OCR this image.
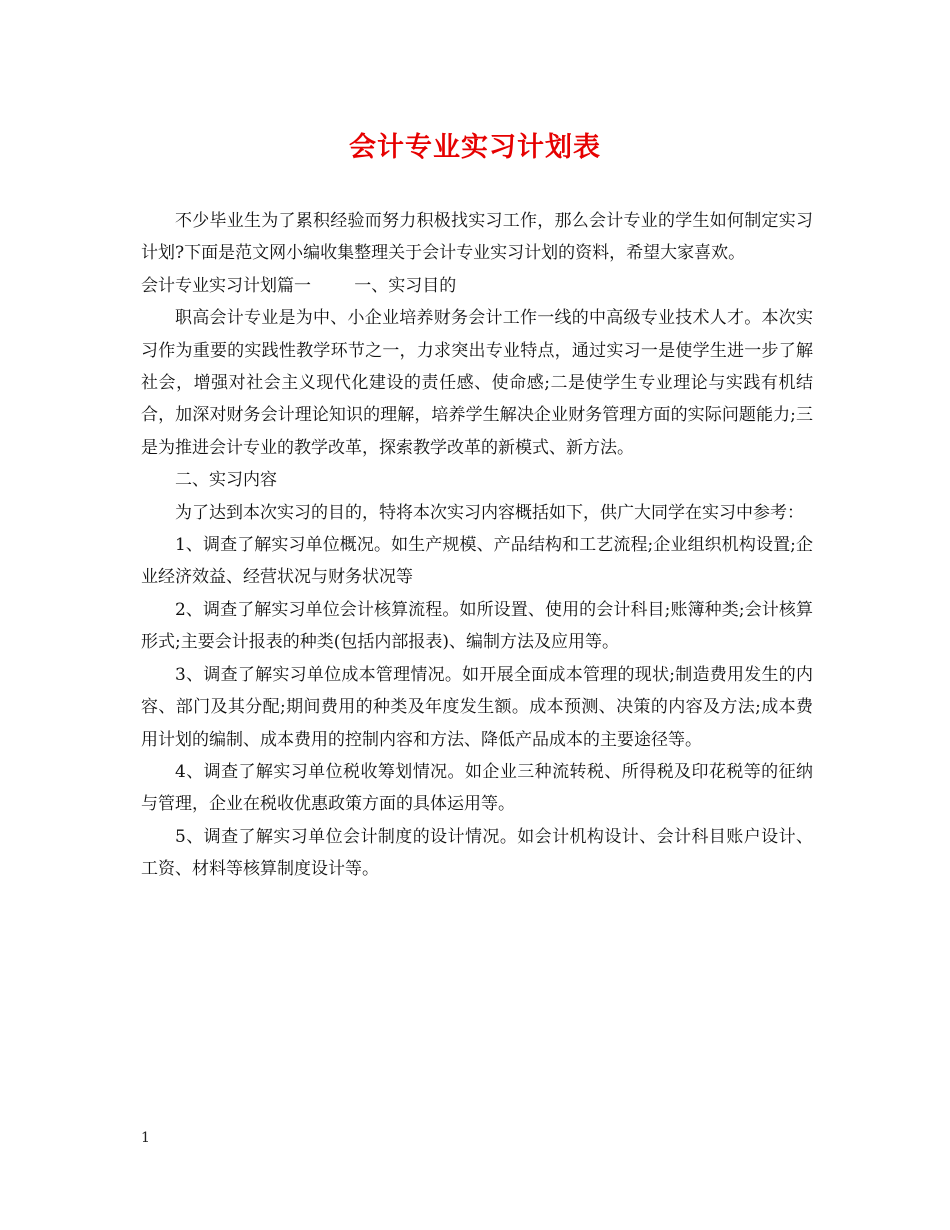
会计专业实习计划表

不少毕业生为了累积经验而努力积极找实习工作，那么会计专业的学生如何制定实习计划?下面是范文网小编收集整理关于会计专业实习计划的资料，希望大家喜欢。

会计专业实习计划篇一        一、实习目的

职高会计专业是为中、小企业培养财务会计工作一线的中高级专业技术人才。本次实习作为重要的实践性教学环节之一，力求突出专业特点，通过实习一是使学生进一步了解社会，增强对社会主义现代化建设的责任感、使命感;二是使学生专业理论与实践有机结合，加深对财务会计理论知识的理解，培养学生解决企业财务管理方面的实际问题能力;三是为推进会计专业的教学改革，探索教学改革的新模式、新方法。

二、实习内容

为了达到本次实习的目的，特将本次实习内容概括如下，供广大同学在实习中参考：

1、调查了解实习单位概况。如生产规模、产品结构和工艺流程;企业组织机构设置;企业经济效益、经营状况与财务状况等

2、调查了解实习单位会计核算流程。如所设置、使用的会计科目;账簿种类;会计核算形式;主要会计报表的种类(包括内部报表)、编制方法及应用等。

3、调查了解实习单位成本管理情况。如开展全面成本管理的现状;制造费用发生的内容、部门及其分配;期间费用的种类及年度发生额。成本预测、决策的内容及方法;成本费用计划的编制、成本费用的控制内容和方法、降低产品成本的主要途径等。

4、调查了解实习单位税收筹划情况。如企业三种流转税、所得税及印花税等的征纳与管理，企业在税收优惠政策方面的具体运用等。

5、调查了解实习单位会计制度的设计情况。如会计机构设计、会计科目账户设计、工资、材料等核算制度设计等。

1
